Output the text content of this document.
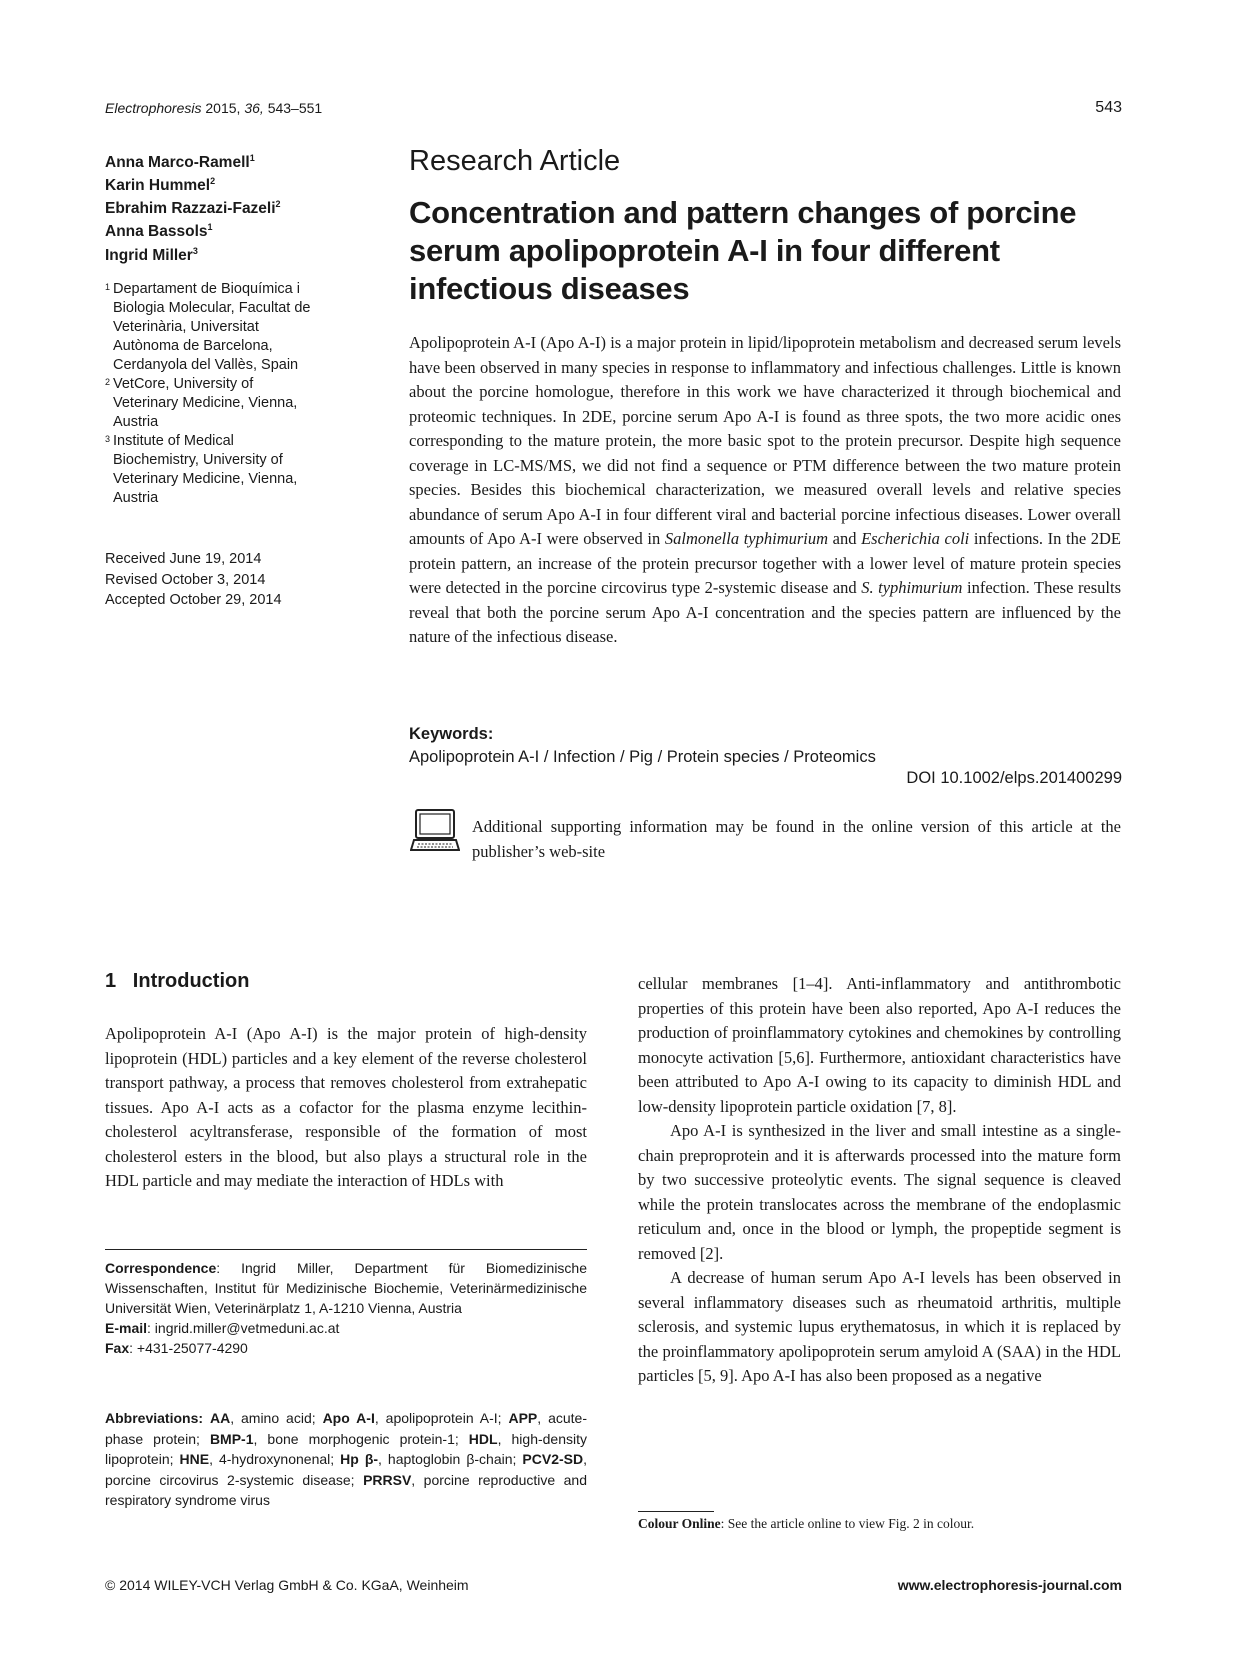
Electrophoresis 2015, 36, 543–551	543
Anna Marco-Ramell$^1$
Karin Hummel$^2$
Ebrahim Razzazi-Fazeli$^2$
Anna Bassols$^1$
Ingrid Miller$^3$
1 Departament de Bioquímica i
Biologia Molecular, Facultat de
Veterinària, Universitat
Autònoma de Barcelona,
Cerdanyola del Vallès, Spain
2 VetCore, University of
Veterinary Medicine, Vienna,
Austria
3 Institute of Medical
Biochemistry, University of
Veterinary Medicine, Vienna,
Austria
Received June 19, 2014
Revised October 3, 2014
Accepted October 29, 2014
Research Article
Concentration and pattern changes of porcine serum apolipoprotein A-I in four different infectious diseases
Apolipoprotein A-I (Apo A-I) is a major protein in lipid/lipoprotein metabolism and decreased serum levels have been observed in many species in response to inflammatory and infectious challenges. Little is known about the porcine homologue, therefore in this work we have characterized it through biochemical and proteomic techniques. In 2DE, porcine serum Apo A-I is found as three spots, the two more acidic ones corresponding to the mature protein, the more basic spot to the protein precursor. Despite high sequence coverage in LC-MS/MS, we did not find a sequence or PTM difference between the two mature protein species. Besides this biochemical characterization, we measured overall levels and relative species abundance of serum Apo A-I in four different viral and bacterial porcine infectious diseases. Lower overall amounts of Apo A-I were observed in Salmonella typhimurium and Escherichia coli infections. In the 2DE protein pattern, an increase of the protein precursor together with a lower level of mature protein species were detected in the porcine circovirus type 2-systemic disease and S. typhimurium infection. These results reveal that both the porcine serum Apo A-I concentration and the species pattern are influenced by the nature of the infectious disease.
Keywords:
Apolipoprotein A-I / Infection / Pig / Protein species / Proteomics
DOI 10.1002/elps.201400299
Additional supporting information may be found in the online version of this article at the publisher’s web-site
1 Introduction

Apolipoprotein A-I (Apo A-I) is the major protein of high-density lipoprotein (HDL) particles and a key element of the reverse cholesterol transport pathway, a process that removes cholesterol from extrahepatic tissues. Apo A-I acts as a cofactor for the plasma enzyme lecithin-cholesterol acyltransferase, responsible of the formation of most cholesterol esters in the blood, but also plays a structural role in the HDL particle and may mediate the interaction of HDLs with

cellular membranes [1–4]. Anti-inflammatory and antithrombotic properties of this protein have been also reported, Apo A-I reduces the production of proinflammatory cytokines and chemokines by controlling monocyte activation [5,6]. Furthermore, antioxidant characteristics have been attributed to Apo A-I owing to its capacity to diminish HDL and low-density lipoprotein particle oxidation [7, 8].

Apo A-I is synthesized in the liver and small intestine as a single-chain preproprotein and it is afterwards processed into the mature form by two successive proteolytic events. The signal sequence is cleaved while the protein translocates across the membrane of the endoplasmic reticulum and, once in the blood or lymph, the propeptide segment is removed [2].

A decrease of human serum Apo A-I levels has been observed in several inflammatory diseases such as rheumatoid arthritis, multiple sclerosis, and systemic lupus erythematosus, in which it is replaced by the proinflammatory apolipoprotein serum amyloid A (SAA) in the HDL particles [5, 9]. Apo A-I has also been proposed as a negative

Correspondence: Ingrid Miller, Department für Biomedizinische Wissenschaften, Institut für Medizinische Biochemie, Veterinärmedizinische Universität Wien, Veterinärplatz 1, A-1210 Vienna, Austria
E-mail: ingrid.miller@vetmeduni.ac.at
Fax: +431-25077-4290
Abbreviations: AA, amino acid; Apo A-I, apolipoprotein A-I; APP, acute-phase protein; BMP-1, bone morphogenic protein-1; HDL, high-density lipoprotein; HNE, 4-hydroxynonenal; Hp β-, haptoglobin β-chain; PCV2-SD, porcine circovirus 2-systemic disease; PRRSV, porcine reproductive and respiratory syndrome virus
Colour Online: See the article online to view Fig. 2 in colour.
© 2014 WILEY-VCH Verlag GmbH & Co. KGaA, Weinheim	www.electrophoresis-journal.com
